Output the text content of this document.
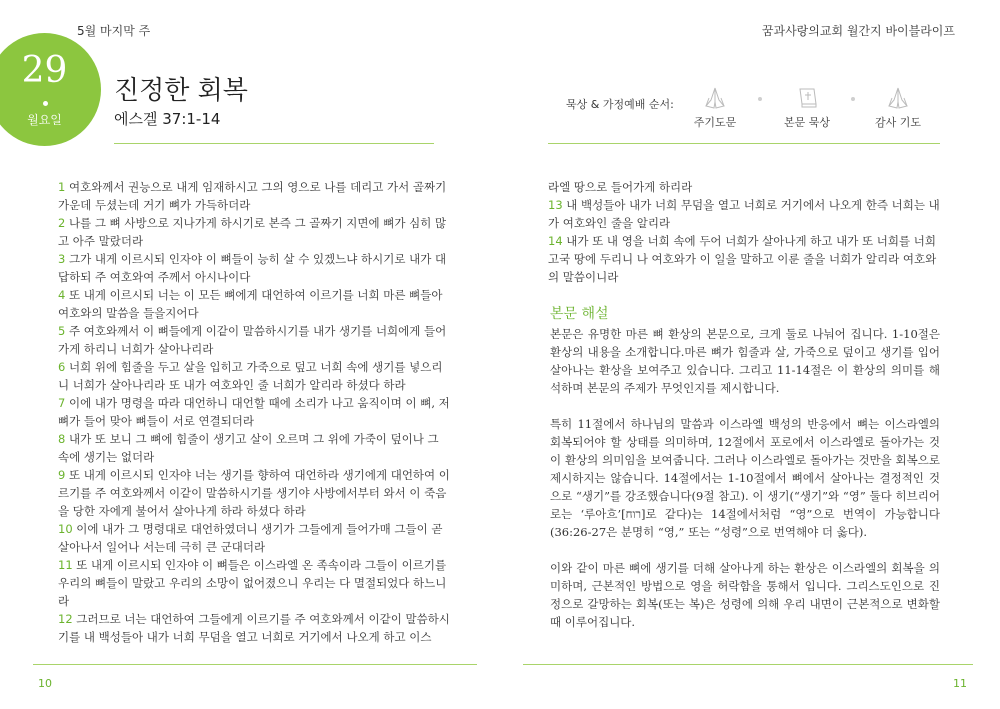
5월 마지막 주	꿈과사랑의교회 월간지 바이블라이프
29
월요일
진정한 회복
에스겔 37:1-14
묵상 & 가정예배 순서:
주기도문	본문 묵상	감사 기도
1 여호와께서 권능으로 내게 임재하시고 그의 영으로 나를 데리고 가서 골짜기 가운데 두셨는데 거기 뼈가 가득하더라
2 나를 그 뼈 사방으로 지나가게 하시기로 본즉 그 골짜기 지면에 뼈가 심히 많고 아주 말랐더라
3 그가 내게 이르시되 인자야 이 뼈들이 능히 살 수 있겠느냐 하시기로 내가 대답하되 주 여호와여 주께서 아시나이다
4 또 내게 이르시되 너는 이 모든 뼈에게 대언하여 이르기를 너희 마른 뼈들아 여호와의 말씀을 들을지어다
5 주 여호와께서 이 뼈들에게 이같이 말씀하시기를 내가 생기를 너희에게 들어가게 하리니 너희가 살아나리라
6 너희 위에 힘줄을 두고 살을 입히고 가죽으로 덮고 너희 속에 생기를 넣으리니 너희가 살아나리라 또 내가 여호와인 줄 너희가 알리라 하셨다 하라
7 이에 내가 명령을 따라 대언하니 대언할 때에 소리가 나고 움직이며 이 뼈, 저 뼈가 들어 맞아 뼈들이 서로 연결되더라
8 내가 또 보니 그 뼈에 힘줄이 생기고 살이 오르며 그 위에 가죽이 덮이나 그 속에 생기는 없더라
9 또 내게 이르시되 인자야 너는 생기를 향하여 대언하라 생기에게 대언하여 이르기를 주 여호와께서 이같이 말씀하시기를 생기야 사방에서부터 와서 이 죽음을 당한 자에게 불어서 살아나게 하라 하셨다 하라
10 이에 내가 그 명령대로 대언하였더니 생기가 그들에게 들어가매 그들이 곧 살아나서 일어나 서는데 극히 큰 군대더라
11 또 내게 이르시되 인자야 이 뼈들은 이스라엘 온 족속이라 그들이 이르기를 우리의 뼈들이 말랐고 우리의 소망이 없어졌으니 우리는 다 멸절되었다 하느니라
12 그러므로 너는 대언하여 그들에게 이르기를 주 여호와께서 이같이 말씀하시기를 내 백성들아 내가 너희 무덤을 열고 너희로 거기에서 나오게 하고 이스
라엘 땅으로 들어가게 하리라
13 내 백성들아 내가 너희 무덤을 열고 너희로 거기에서 나오게 한즉 너희는 내가 여호와인 줄을 알리라
14 내가 또 내 영을 너희 속에 두어 너희가 살아나게 하고 내가 또 너희를 너희 고국 땅에 두리니 나 여호와가 이 일을 말하고 이룬 줄을 너희가 알리라 여호와의 말씀이니라
본문 해설

본문은 유명한 마른 뼈 환상의 본문으로, 크게 둘로 나눠어 집니다. 1-10절은 환상의 내용을 소개합니다.마른 뼈가 힘줄과 살, 가죽으로 덮이고 생기를 입어 살아나는 환상을 보여주고 있습니다. 그리고 11-14절은 이 환상의 의미를 해석하며 본문의 주제가 무엇인지를 제시합니다.

특히 11절에서 하나님의 말씀과 이스라엘 백성의 반응에서 뼈는 이스라엘의 회복되어야 할 상태를 의미하며, 12절에서 포로에서 이스라엘로 돌아가는 것이 환상의 의미임을 보여줍니다. 그러나 이스라엘로 돌아가는 것만을 회복으로 제시하지는 않습니다. 14절에서는 1-10절에서 뼈에서 살아나는 결정적인 것으로 “생기”를 강조했습니다(9절 참고). 이 생기(“생기”와 “영” 둘다 히브리어로는 ‘루아흐’[רוח]로 같다)는 14절에서처럼 “영”으로 번역이 가능합니다(36:26-27은 분명히 “영,” 또는 “성령”으로 번역해야 더 옳다).

이와 같이 마른 뼈에 생기를 더해 살아나게 하는 환상은 이스라엘의 회복을 의미하며, 근본적인 방법으로 영을 허락함을 통해서 입니다. 그리스도인으로 진정으로 갈망하는 회복(또는 복)은 성령에 의해 우리 내면이 근본적으로 변화할 때 이루어집니다.

10	11
